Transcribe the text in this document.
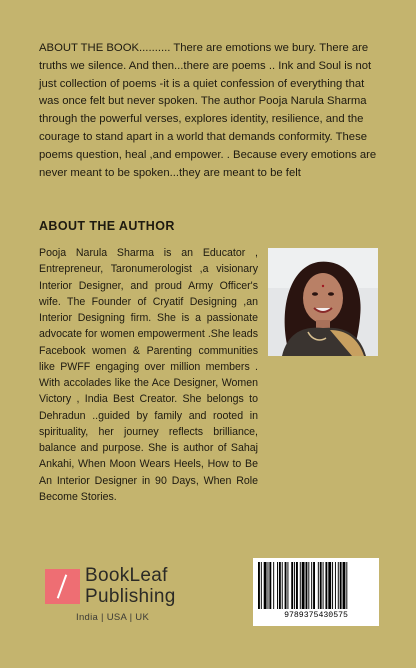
ABOUT THE BOOK.......... There are emotions we bury. There are truths we silence. And then...there are poems .. Ink and Soul is not just collection of poems -it is a quiet confession of everything that was once felt but never spoken. The author Pooja Narula Sharma through the powerful verses, explores identity, resilience, and the courage to stand apart in a world that demands conformity. These poems question, heal ,and empower. . Because every emotions are never meant to be spoken...they are meant to be felt

ABOUT THE AUTHOR

Pooja Narula Sharma is an Educator , Entrepreneur, Taronumerologist ,a visionary Interior Designer, and proud Army Officer's wife. The Founder of Cryatif Designing ,an Interior Designing firm. She is a passionate advocate for women empowerment .She leads Facebook women & Parenting communities like PWFF engaging over million members . With accolades like the Ace Designer, Women Victory , India Best Creator. She belongs to Dehradun ..guided by family and rooted in spirituality, her journey reflects brilliance, balance and purpose. She is author of Sahaj Ankahi, When Moon Wears Heels, How to Be An Interior Designer in 90 Days, When Role Become Stories.

BookLeaf
Publishing
India | USA | UK	9789375430575
